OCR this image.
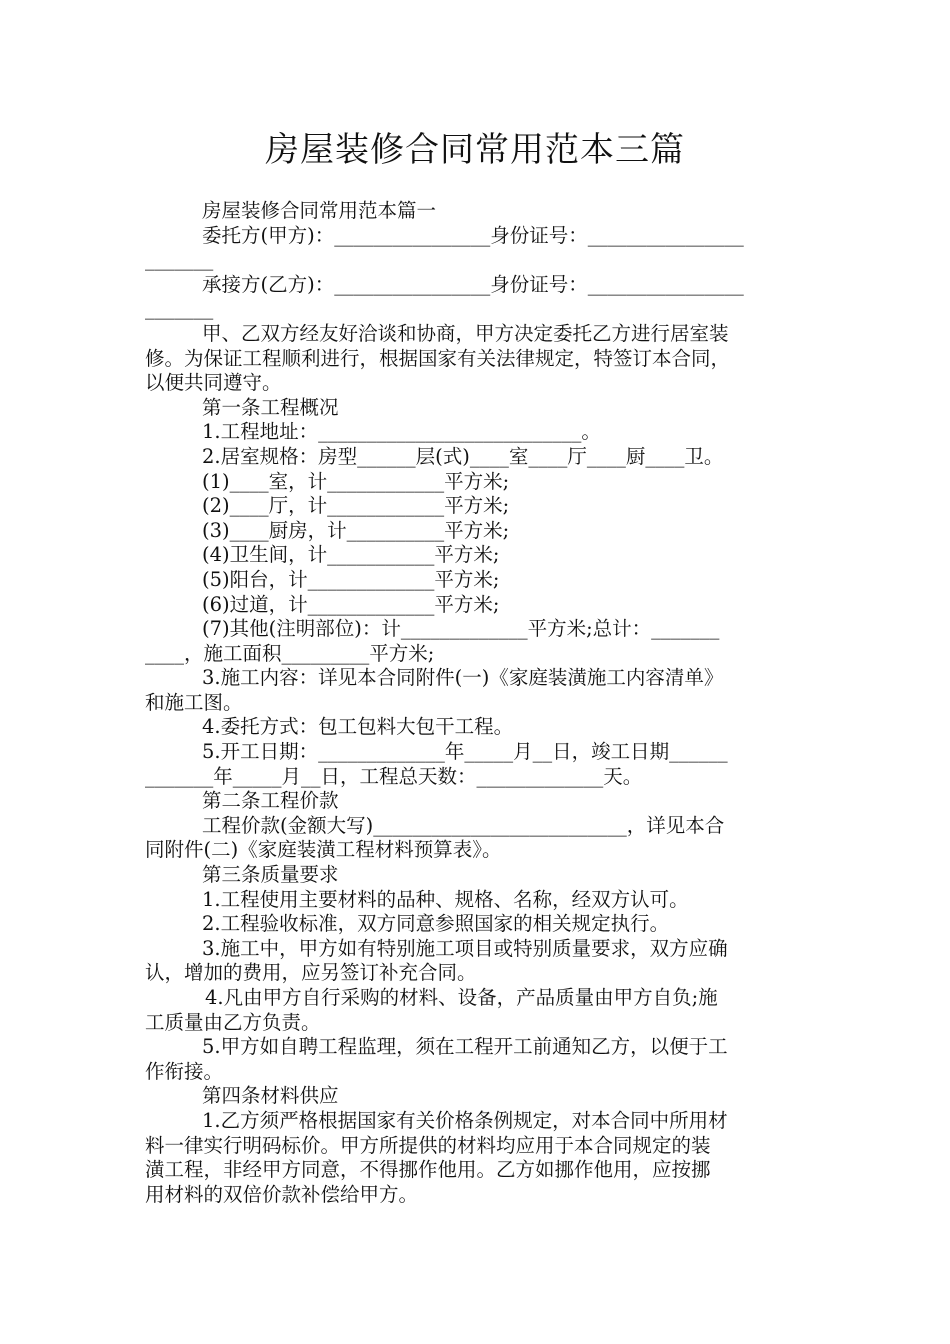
房屋装修合同常用范本三篇
房屋装修合同常用范本篇一
委托方(甲方)：________________身份证号：________________
_______
承接方(乙方)：________________身份证号：________________
_______
甲、乙双方经友好洽谈和协商，甲方决定委托乙方进行居室装
修。为保证工程顺利进行，根据国家有关法律规定，特签订本合同，
以便共同遵守。
第一条工程概况
1.工程地址：___________________________。
2.居室规格：房型______层(式)____室____厅____厨____卫。
(1)____室，计____________平方米;
(2)____厅，计____________平方米;
(3)____厨房，计__________平方米;
(4)卫生间，计___________平方米;
(5)阳台，计_____________平方米;
(6)过道，计_____________平方米;
(7)其他(注明部位)：计_____________平方米;总计：_______
____，施工面积_________平方米;
3.施工内容：详见本合同附件(一)《家庭装潢施工内容清单》
和施工图。
4.委托方式：包工包料大包干工程。
5.开工日期：_____________年_____月__日，竣工日期______
_______年_____月__日，工程总天数：_____________天。
第二条工程价款
工程价款(金额大写)__________________________，详见本合
同附件(二)《家庭装潢工程材料预算表》。
第三条质量要求
1.工程使用主要材料的品种、规格、名称，经双方认可。
2.工程验收标准，双方同意参照国家的相关规定执行。
3.施工中，甲方如有特别施工项目或特别质量要求，双方应确
认，增加的费用，应另签订补充合同。
4.凡由甲方自行采购的材料、设备，产品质量由甲方自负;施
工质量由乙方负责。
5.甲方如自聘工程监理，须在工程开工前通知乙方，以便于工
作衔接。
第四条材料供应
1.乙方须严格根据国家有关价格条例规定，对本合同中所用材
料一律实行明码标价。甲方所提供的材料均应用于本合同规定的装
潢工程，非经甲方同意，不得挪作他用。乙方如挪作他用，应按挪
用材料的双倍价款补偿给甲方。
